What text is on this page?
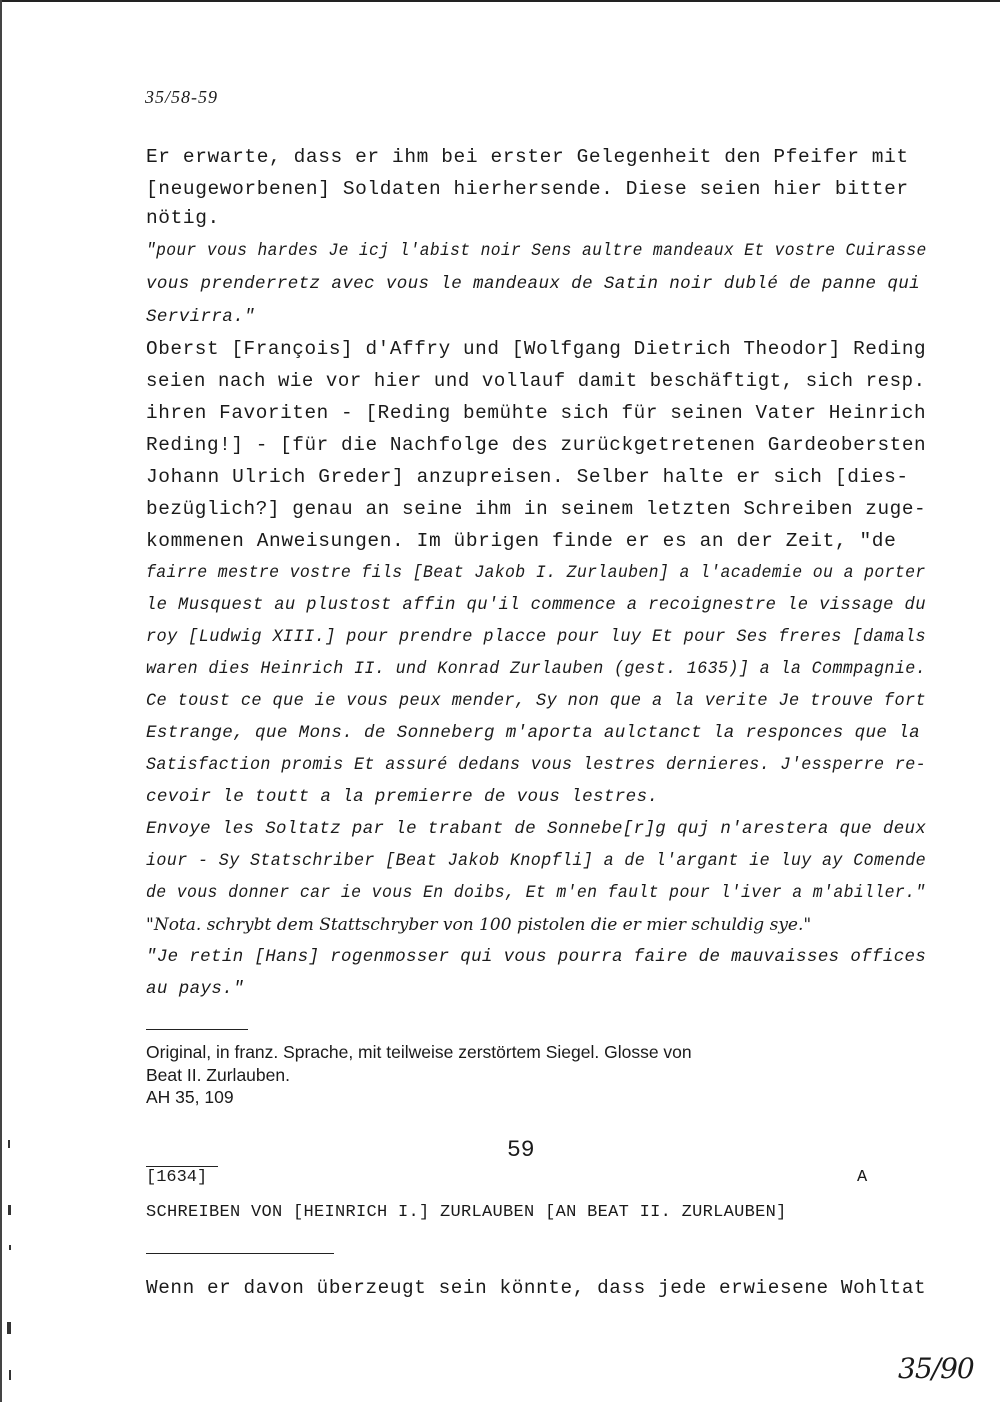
35/58-59
Er erwarte, dass er ihm bei erster Gelegenheit den Pfeifer mit
[neugeworbenen] Soldaten hierhersende. Diese seien hier bitter
nötig.
"pour vous hardes Je icj l'abist noir Sens aultre mandeaux Et vostre Cuirasse
vous prenderretz avec vous le mandeaux de Satin noir dublé de panne qui
Servirra."
Oberst [François] d'Affry und [Wolfgang Dietrich Theodor] Reding
seien nach wie vor hier und vollauf damit beschäftigt, sich resp.
ihren Favoriten - [Reding bemühte sich für seinen Vater Heinrich
Reding!] - [für die Nachfolge des zurückgetretenen Gardeobersten
Johann Ulrich Greder] anzupreisen. Selber halte er sich [dies-
bezüglich?] genau an seine ihm in seinem letzten Schreiben zuge-
kommenen Anweisungen. Im übrigen finde er es an der Zeit, "de
fairre mestre vostre fils [Beat Jakob I. Zurlauben] a l'academie ou a porter
le Musquest au plustost affin qu'il commence a recoignestre le vissage du
roy [Ludwig XIII.] pour prendre placce pour luy Et pour Ses freres [damals
waren dies Heinrich II. und Konrad Zurlauben (gest. 1635)] a la Commpagnie.
Ce toust ce que ie vous peux mender, Sy non que a la verite Je trouve fort
Estrange, que Mons. de Sonneberg m'aporta aulctanct la responces que la
Satisfaction promis Et assuré dedans vous lestres dernieres. J'essperre re-
cevoir le toutt a la premierre de vous lestres.
Envoye les Soltatz par le trabant de Sonnebe[r]g quj n'arestera que deux
iour - Sy Statschriber [Beat Jakob Knopfli] a de l'argant ie luy ay Comende
de vous donner car ie vous En doibs, Et m'en fault pour l'iver a m'abiller."
"Nota. schrybt dem Stattschryber von 100 pistolen die er mier schuldig sye."
"Je retin [Hans] rogenmosser qui vous pourra faire de mauvaisses offices
au pays."
Original, in franz. Sprache, mit teilweise zerstörtem Siegel. Glosse von
Beat II. Zurlauben.
AH 35, 109
59
[1634]	A
SCHREIBEN VON [HEINRICH I.] ZURLAUBEN [AN BEAT II. ZURLAUBEN]
Wenn er davon überzeugt sein könnte, dass jede erwiesene Wohltat
35/90
